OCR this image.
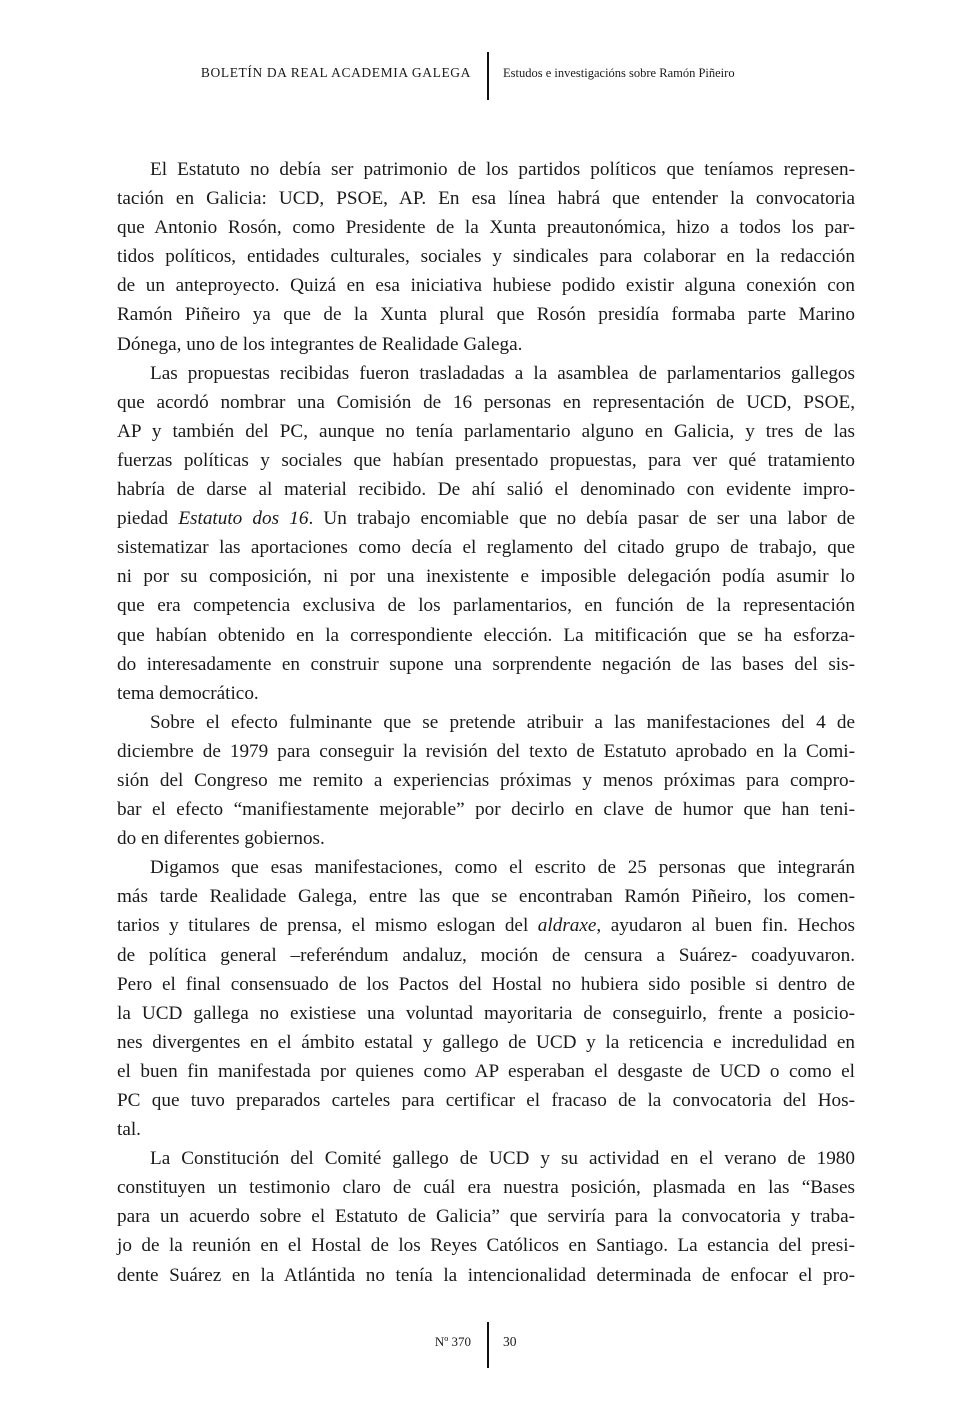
BOLETÍN DA REAL ACADEMIA GALEGA	Estudos e investigacións sobre Ramón Piñeiro

El Estatuto no debía ser patrimonio de los partidos políticos que teníamos represen-
tación en Galicia: UCD, PSOE, AP. En esa línea habrá que entender la convocatoria
que Antonio Rosón, como Presidente de la Xunta preautonómica, hizo a todos los par-
tidos políticos, entidades culturales, sociales y sindicales para colaborar en la redacción
de un anteproyecto. Quizá en esa iniciativa hubiese podido existir alguna conexión con
Ramón Piñeiro ya que de la Xunta plural que Rosón presidía formaba parte Marino
Dónega, uno de los integrantes de Realidade Galega.

Las propuestas recibidas fueron trasladadas a la asamblea de parlamentarios gallegos
que acordó nombrar una Comisión de 16 personas en representación de UCD, PSOE,
AP y también del PC, aunque no tenía parlamentario alguno en Galicia, y tres de las
fuerzas políticas y sociales que habían presentado propuestas, para ver qué tratamiento
habría de darse al material recibido. De ahí salió el denominado con evidente impro-
piedad Estatuto dos 16. Un trabajo encomiable que no debía pasar de ser una labor de
sistematizar las aportaciones como decía el reglamento del citado grupo de trabajo, que
ni por su composición, ni por una inexistente e imposible delegación podía asumir lo
que era competencia exclusiva de los parlamentarios, en función de la representación
que habían obtenido en la correspondiente elección. La mitificación que se ha esforza-
do interesadamente en construir supone una sorprendente negación de las bases del sis-
tema democrático.

Sobre el efecto fulminante que se pretende atribuir a las manifestaciones del 4 de
diciembre de 1979 para conseguir la revisión del texto de Estatuto aprobado en la Comi-
sión del Congreso me remito a experiencias próximas y menos próximas para compro-
bar el efecto “manifiestamente mejorable” por decirlo en clave de humor que han teni-
do en diferentes gobiernos.

Digamos que esas manifestaciones, como el escrito de 25 personas que integrarán
más tarde Realidade Galega, entre las que se encontraban Ramón Piñeiro, los comen-
tarios y titulares de prensa, el mismo eslogan del aldraxe, ayudaron al buen fin. Hechos
de política general –referéndum andaluz, moción de censura a Suárez- coadyuvaron.
Pero el final consensuado de los Pactos del Hostal no hubiera sido posible si dentro de
la UCD gallega no existiese una voluntad mayoritaria de conseguirlo, frente a posicio-
nes divergentes en el ámbito estatal y gallego de UCD y la reticencia e incredulidad en
el buen fin manifestada por quienes como AP esperaban el desgaste de UCD o como el
PC que tuvo preparados carteles para certificar el fracaso de la convocatoria del Hos-
tal.

La Constitución del Comité gallego de UCD y su actividad en el verano de 1980
constituyen un testimonio claro de cuál era nuestra posición, plasmada en las “Bases
para un acuerdo sobre el Estatuto de Galicia” que serviría para la convocatoria y traba-
jo de la reunión en el Hostal de los Reyes Católicos en Santiago. La estancia del presi-
dente Suárez en la Atlántida no tenía la intencionalidad determinada de enfocar el pro-

Nº 370 30
